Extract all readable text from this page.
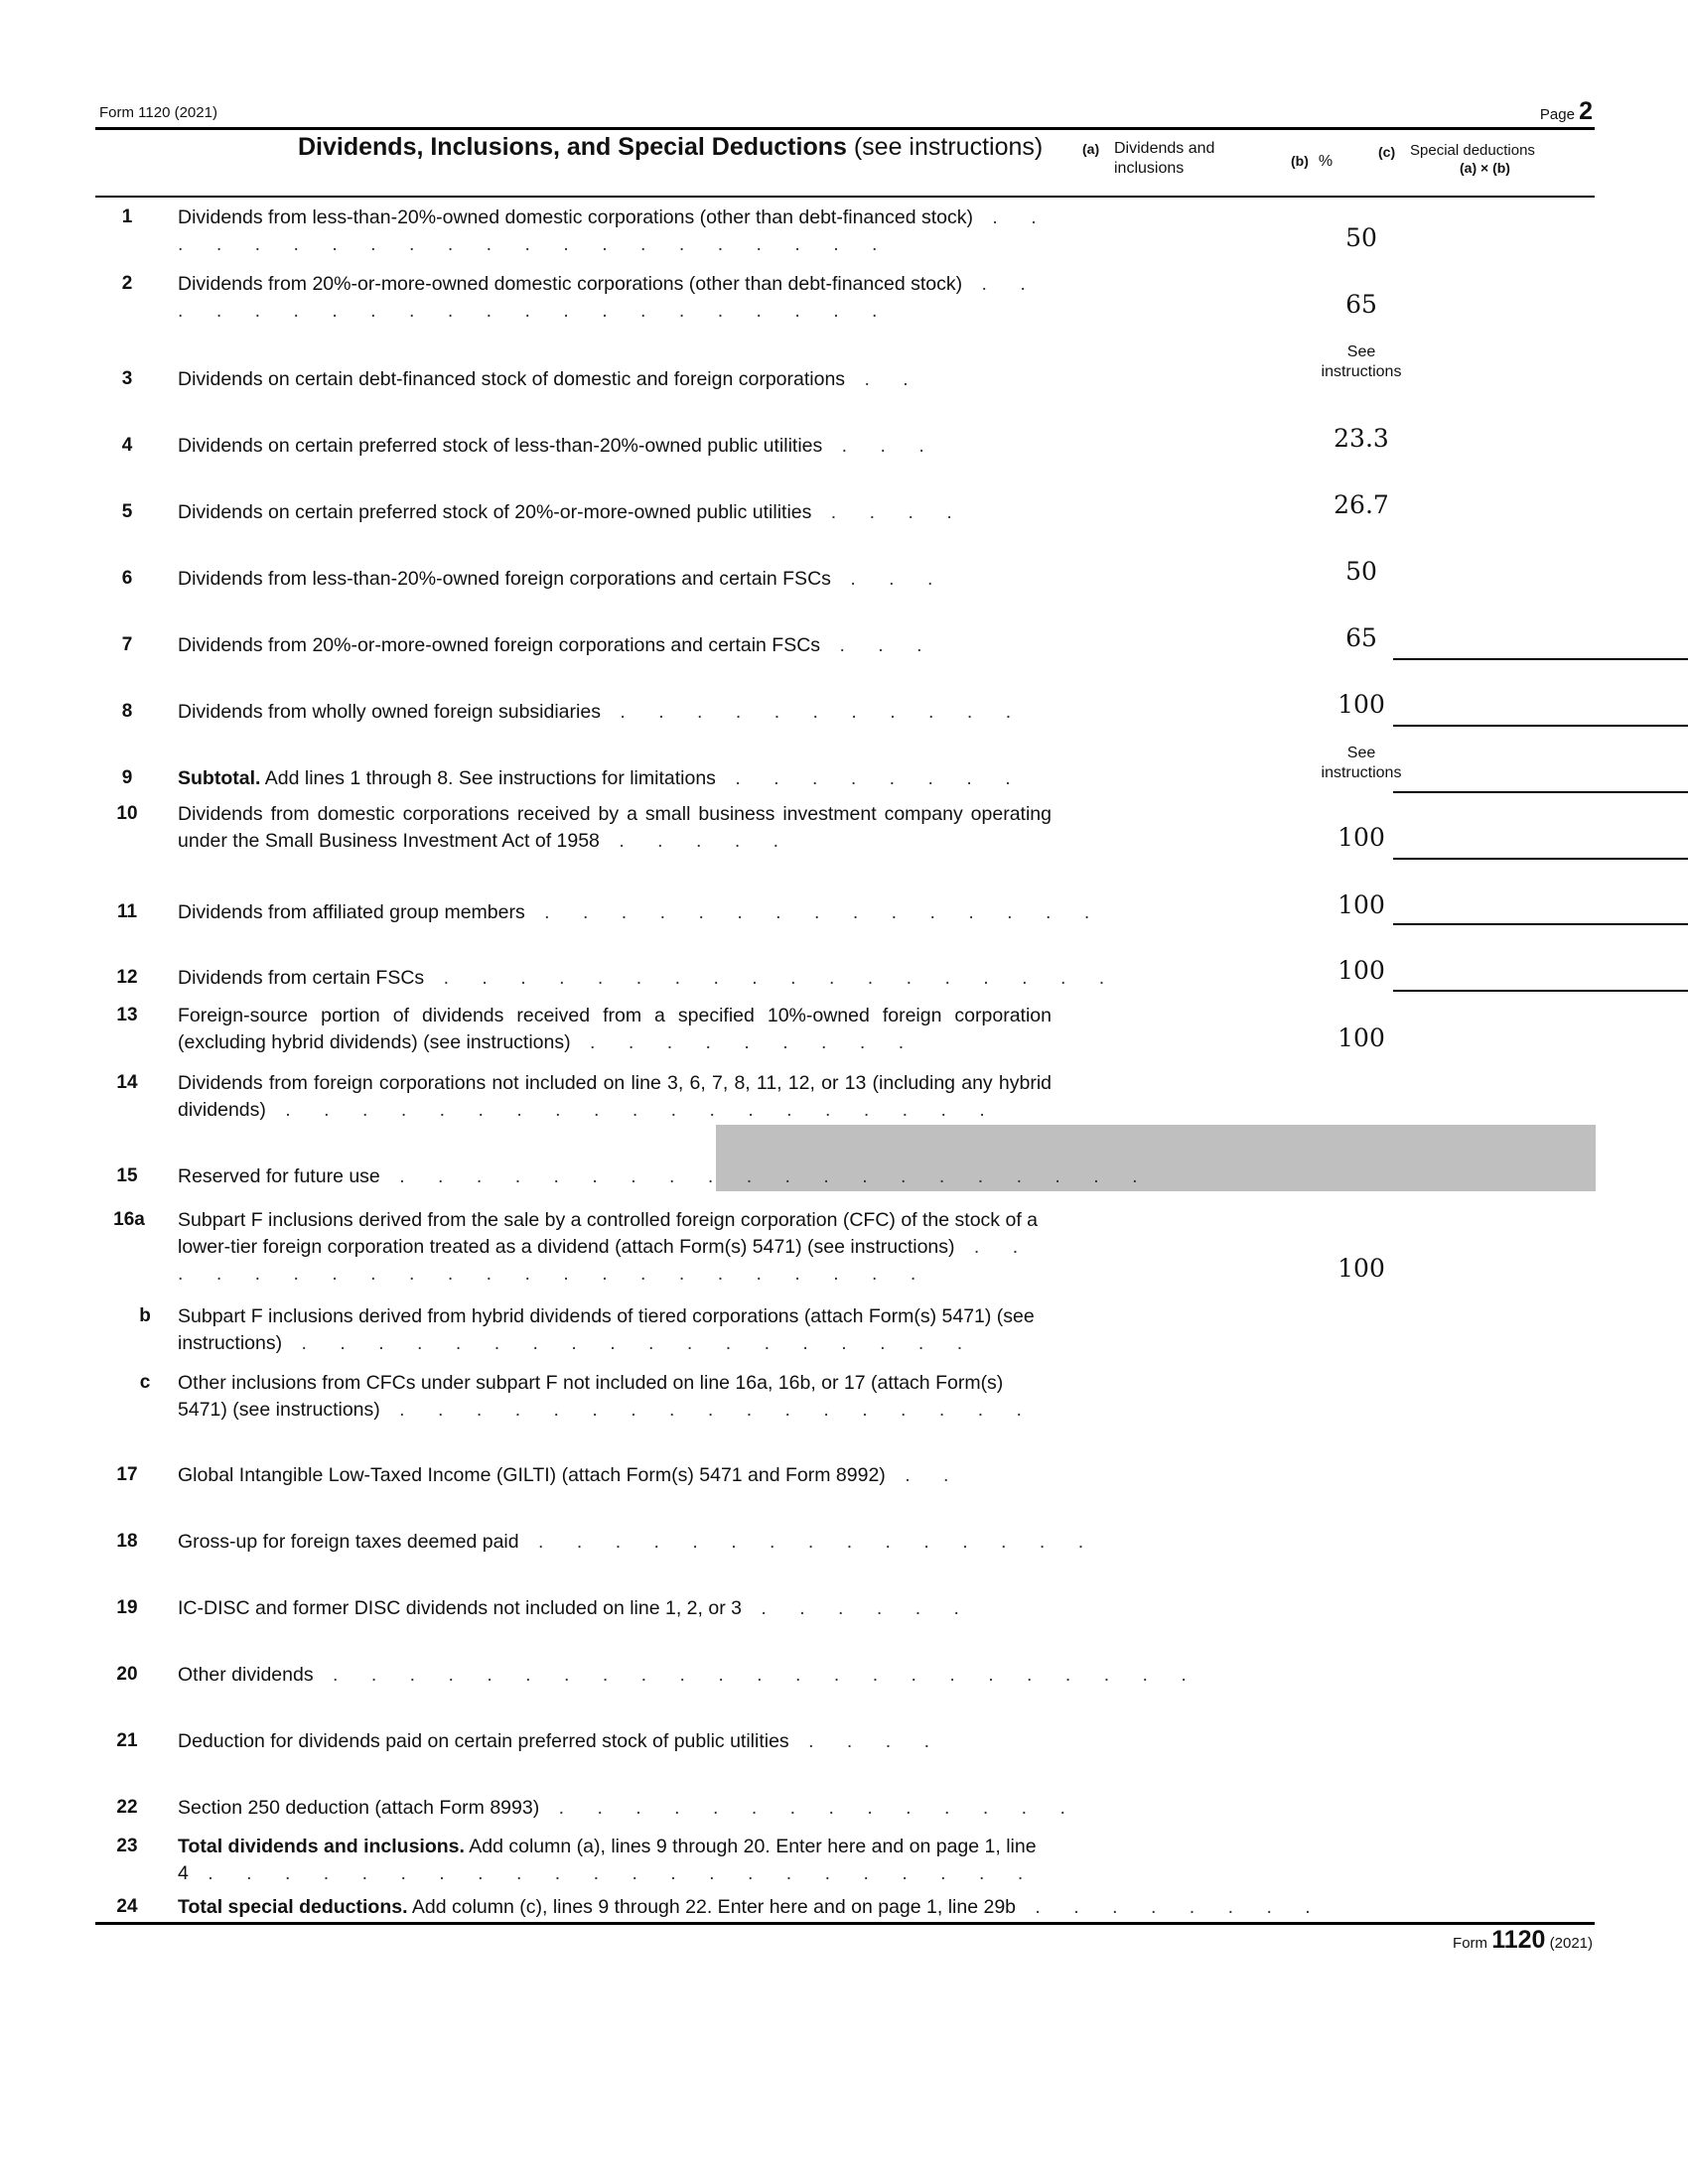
Form 1120 (2021)	Page 2
Dividends, Inclusions, and Special Deductions (see instructions)	(a) Dividends and inclusions	(b) %
(c) Special deductions
(a) × (b)
1	Dividends from less-than-20%-owned domestic corporations (other than debt-financed stock) . . . . . . . . . . . . . . . . . . . . .	50
2	Dividends from 20%-or-more-owned domestic corporations (other than debt-financed stock) . . . . . . . . . . . . . . . . . . . . .	65
3	Dividends on certain debt-financed stock of domestic and foreign corporations . .
See instructions
4	Dividends on certain preferred stock of less-than-20%-owned public utilities . . .	23.3
5	Dividends on certain preferred stock of 20%-or-more-owned public utilities . . . .	26.7
6	Dividends from less-than-20%-owned foreign corporations and certain FSCs . . .	50
7	Dividends from 20%-or-more-owned foreign corporations and certain FSCs . . .	65
8	Dividends from wholly owned foreign subsidiaries . . . . . . . . . . .	100
9	Subtotal. Add lines 1 through 8. See instructions for limitations . . . . . . . .
See instructions
10	Dividends from domestic corporations received by a small business investment company operating under the Small Business Investment Act of 1958 . . . . .	100
11	Dividends from affiliated group members . . . . . . . . . . . . . . .	100
12	Dividends from certain FSCs . . . . . . . . . . . . . . . . . .	100
13	Foreign-source portion of dividends received from a specified 10%-owned foreign corporation (excluding hybrid dividends) (see instructions) . . . . . . . . .	100
14	Dividends from foreign corporations not included on line 3, 6, 7, 8, 11, 12, or 13 (including any hybrid dividends) . . . . . . . . . . . . . . . . . . .
15	Reserved for future use . . . . . . . . . . . . . . . . . . . .
16a Subpart F inclusions derived from the sale by a controlled foreign corporation (CFC) of the stock of a lower-tier foreign corporation treated as a dividend (attach Form(s) 5471) (see instructions) . . . . . . . . . . . . . . . . . . . . . .	100
b	Subpart F inclusions derived from hybrid dividends of tiered corporations (attach Form(s) 5471) (see instructions) . . . . . . . . . . . . . . . . . .
c	Other inclusions from CFCs under subpart F not included on line 16a, 16b, or 17 (attach Form(s) 5471) (see instructions) . . . . . . . . . . . . . . . . .
17	Global Intangible Low-Taxed Income (GILTI) (attach Form(s) 5471 and Form 8992) . .
18	Gross-up for foreign taxes deemed paid . . . . . . . . . . . . . . .
19	IC-DISC and former DISC dividends not included on line 1, 2, or 3 . . . . . .
20	Other dividends . . . . . . . . . . . . . . . . . . . . . . .
21	Deduction for dividends paid on certain preferred stock of public utilities . . . .
22	Section 250 deduction (attach Form 8993) . . . . . . . . . . . . . .
23	Total dividends and inclusions. Add column (a), lines 9 through 20. Enter here and on page 1, line 4 . . . . . . . . . . . . . . . . . . . . . .
24	Total special deductions. Add column (c), lines 9 through 22. Enter here and on page 1, line 29b . . . . . . . .
Form 1120 (2021)
